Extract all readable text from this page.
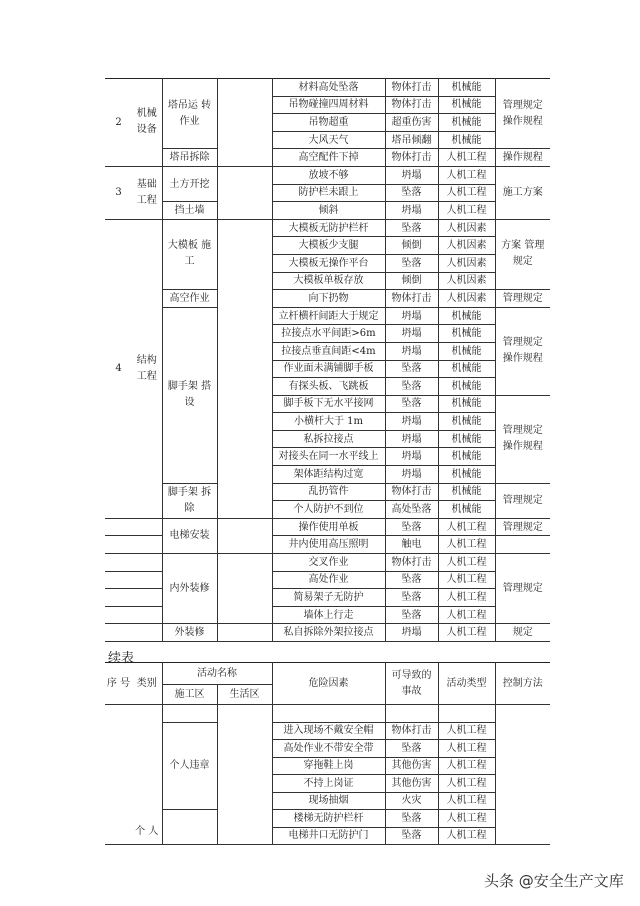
2	机械设备	塔吊运 转作业		材料高处坠落	物体打击	机械能	管理规定 操作规程
				吊物碰撞四周材料	物体打击	机械能	
				吊物超重	超重伤害	机械能	
				大风天气	塔吊倾翻	机械能	
		塔吊拆除		高空配件下掉	物体打击	人机工程	操作规程
3	基础工程	土方开挖		放坡不够	坍塌	人机工程	施工方案
				防护栏未跟上	坠落	人机工程	
		挡土墙		倾斜	坍塌	人机工程	
4	结构工程	大模板 施工		大模板无防护栏杆	坠落	人机因素	方案 管理规定
				大模板少支腿	倾倒	人机因素	
				大模板无操作平台	坠落	人机因素	
				大模板单板存放	倾倒	人机因素	
		高空作业		向下扔物	物体打击	人机因素	管理规定
		脚手架 搭设		立杆横杆间距大于规定	坍塌	机械能	管理规定 操作规程
				拉接点水平间距>6m	坍塌	机械能	
				拉接点垂直间距<4m	坍塌	机械能	
				作业面未满铺脚手板	坠落	机械能	
				有探头板、飞跳板	坠落	机械能	
				脚手板下无水平接网	坠落	机械能	管理规定 操作规程
				小横杆大于 1m	坍塌	机械能	
				私拆拉接点	坍塌	机械能	
				对接头在同一水平线上	坍塌	机械能	
				架体距结构过宽	坍塌	机械能	
		脚手架 拆除		乱扔管件	物体打击	机械能	管理规定
				个人防护不到位	高处坠落	机械能	
		电梯安装		操作使用单板	坠落	人机工程	管理规定
				井内使用高压照明	触电	人机工程	
		内外装修		交叉作业	物体打击	人机工程	管理规定
				高处作业	坠落	人机工程	
				简易架子无防护	坠落	人机工程	
				墙体上行走	坠落	人机工程	
		外装修		私自拆除外架拉接点	坍塌	人机工程	规定

续表

序 号	类别	活动名称		危险因素	可导致的 事故	活动类型	控制方法
		施工区	生活区				
	个 人						
		个人违章		进入现场不戴安全帽	物体打击	人机工程	
				高处作业不带安全带	坠落	人机工程	
				穿拖鞋上岗	其他伤害	人机工程	
				不持上岗证	其他伤害	人机工程	
				现场抽烟	火灾	人机工程	
				楼梯无防护栏杆	坠落	人机工程	
				电梯井口无防护门	坠落	人机工程	
头条 @安全生产文库
